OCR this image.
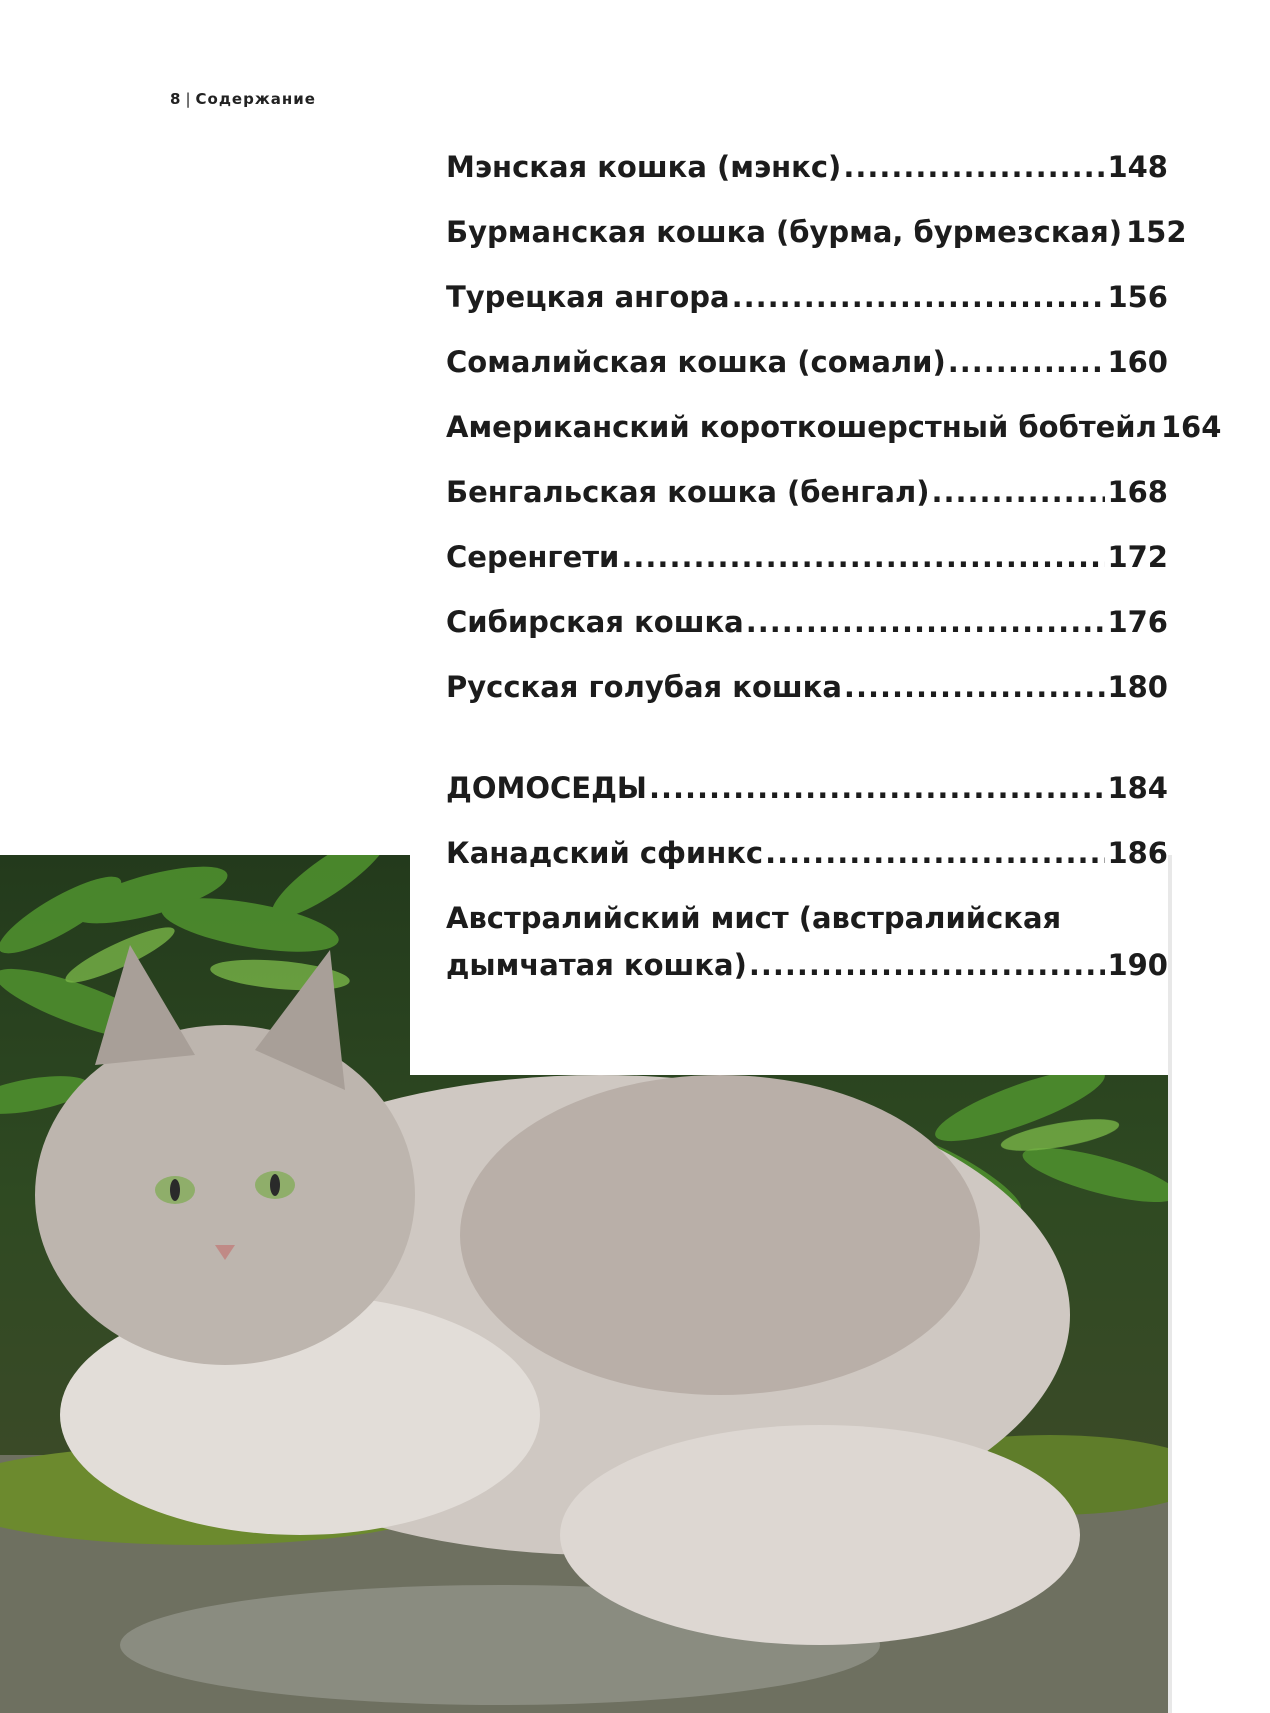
8 | Содержание
Мэнская кошка (мэнкс) .....	148
Бурманская кошка (бурма, бурмезская) 152
Турецкая ангора .....	156
Сомалийская кошка (сомали) .....	160
Американский короткошерстный бобтейл 164
Бенгальская кошка (бенгал) .....	168
Серенгети .....	172
Сибирская кошка .....	176
Русская голубая кошка .....	180
ДОМОСЕДЫ .....	184
Канадский сфинкс .....	186
Австралийский мист (австралийская
дымчатая кошка) .....	190
